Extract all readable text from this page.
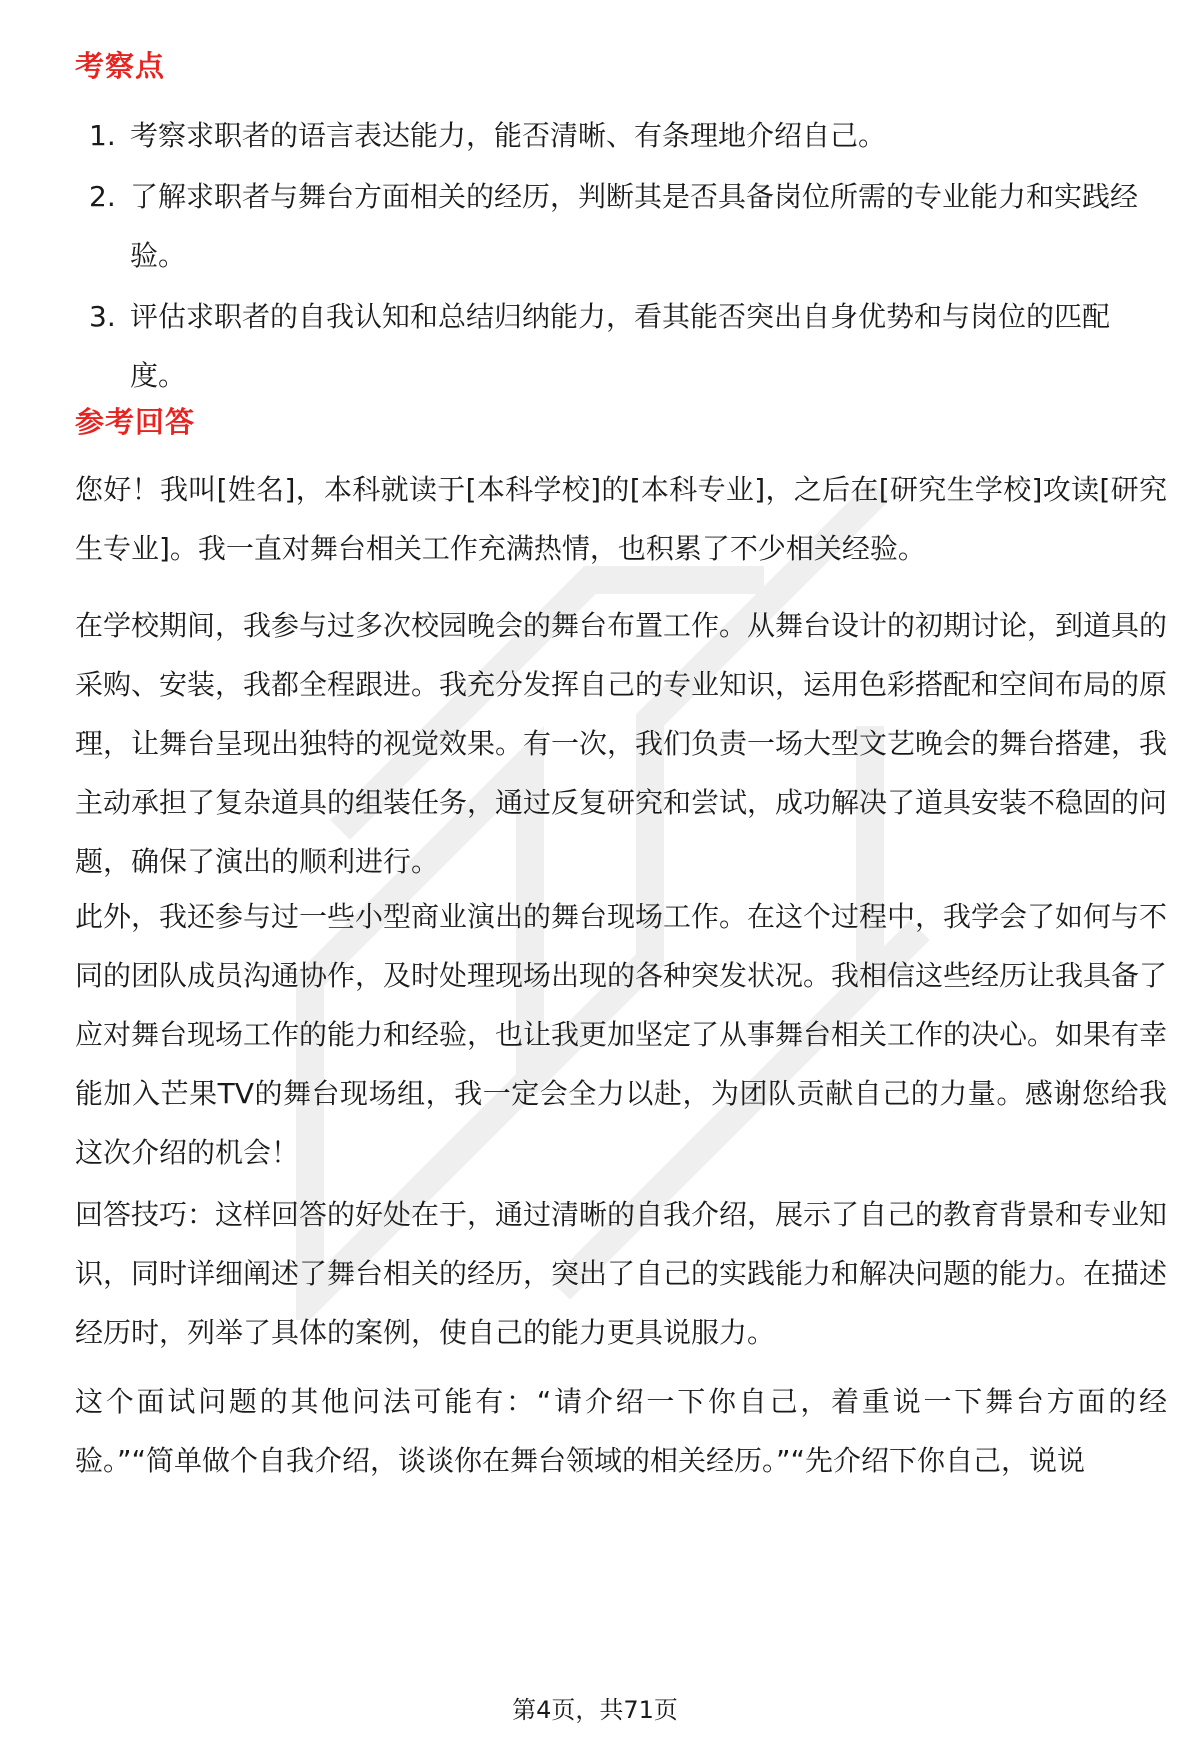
考察点
1. 考察求职者的语言表达能力，能否清晰、有条理地介绍自己。
2. 了解求职者与舞台方面相关的经历，判断其是否具备岗位所需的专业能力和实践经验。
3. 评估求职者的自我认知和总结归纳能力，看其能否突出自身优势和与岗位的匹配度。
参考回答

您好！我叫[姓名]，本科就读于[本科学校]的[本科专业]，之后在[研究生学校]攻读[研究生专业]。我一直对舞台相关工作充满热情，也积累了不少相关经验。

在学校期间，我参与过多次校园晚会的舞台布置工作。从舞台设计的初期讨论，到道具的采购、安装，我都全程跟进。我充分发挥自己的专业知识，运用色彩搭配和空间布局的原理，让舞台呈现出独特的视觉效果。有一次，我们负责一场大型文艺晚会的舞台搭建，我主动承担了复杂道具的组装任务，通过反复研究和尝试，成功解决了道具安装不稳固的问题，确保了演出的顺利进行。

此外，我还参与过一些小型商业演出的舞台现场工作。在这个过程中，我学会了如何与不同的团队成员沟通协作，及时处理现场出现的各种突发状况。我相信这些经历让我具备了应对舞台现场工作的能力和经验，也让我更加坚定了从事舞台相关工作的决心。如果有幸能加入芒果TV的舞台现场组，我一定会全力以赴，为团队贡献自己的力量。感谢您给我这次介绍的机会！

回答技巧：这样回答的好处在于，通过清晰的自我介绍，展示了自己的教育背景和专业知识，同时详细阐述了舞台相关的经历，突出了自己的实践能力和解决问题的能力。在描述经历时，列举了具体的案例，使自己的能力更具说服力。

这个面试问题的其他问法可能有：“请介绍一下你自己，着重说一下舞台方面的经验。”“简单做个自我介绍，谈谈你在舞台领域的相关经历。”“先介绍下你自己，说说

第4页，共71页
